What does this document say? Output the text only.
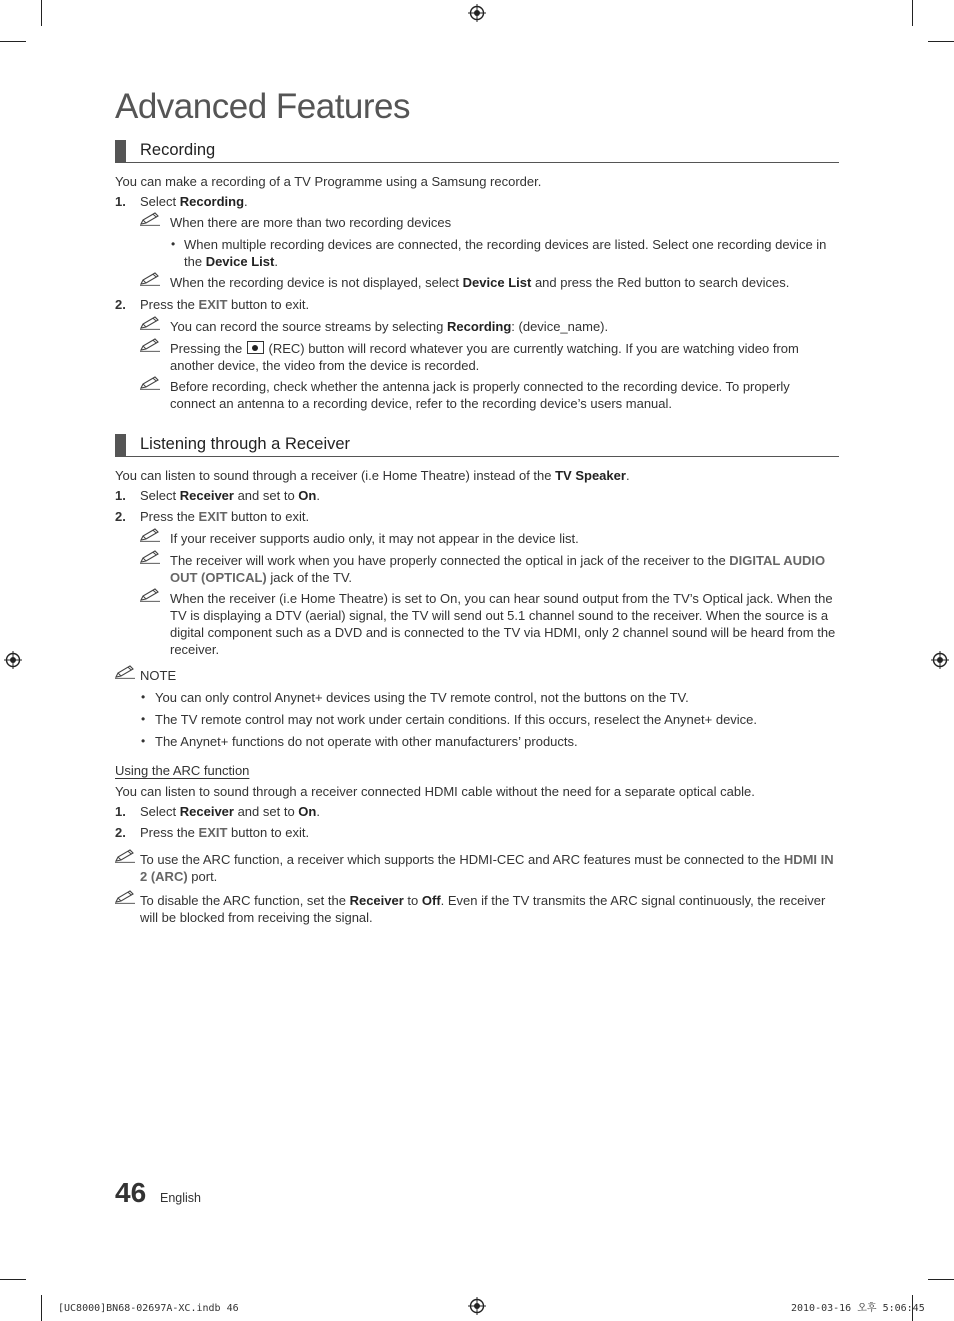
Advanced Features
Recording
You can make a recording of a TV Programme using a Samsung recorder.
1. Select Recording.
When there are more than two recording devices
• When multiple recording devices are connected, the recording devices are listed. Select one recording device in the Device List.
When the recording device is not displayed, select Device List and press the Red button to search devices.
2. Press the EXIT button to exit.
You can record the source streams by selecting Recording: (device_name).
Pressing the  (REC) button will record whatever you are currently watching. If you are watching video from another device, the video from the device is recorded.
Before recording, check whether the antenna jack is properly connected to the recording device. To properly connect an antenna to a recording device, refer to the recording device’s users manual.
Listening through a Receiver
You can listen to sound through a receiver (i.e Home Theatre) instead of the TV Speaker.
1. Select Receiver and set to On.
2. Press the EXIT button to exit.
If your receiver supports audio only, it may not appear in the device list.
The receiver will work when you have properly connected the optical in jack of the receiver to the DIGITAL AUDIO OUT (OPTICAL) jack of the TV.
When the receiver (i.e Home Theatre) is set to On, you can hear sound output from the TV’s Optical jack. When the TV is displaying a DTV (aerial) signal, the TV will send out 5.1 channel sound to the receiver. When the source is a digital component such as a DVD and is connected to the TV via HDMI, only 2 channel sound will be heard from the receiver.
NOTE
• You can only control Anynet+ devices using the TV remote control, not the buttons on the TV.
• The TV remote control may not work under certain conditions. If this occurs, reselect the Anynet+ device.
• The Anynet+ functions do not operate with other manufacturers’ products.
Using the ARC function
You can listen to sound through a receiver connected HDMI cable without the need for a separate optical cable.
1. Select Receiver and set to On.
2. Press the EXIT button to exit.
To use the ARC function, a receiver which supports the HDMI-CEC and ARC features must be connected to the HDMI IN 2 (ARC) port.
To disable the ARC function, set the Receiver to Off. Even if the TV transmits the ARC signal continuously, the receiver will be blocked from receiving the signal.
46 English
[UC8000]BN68-02697A-XC.indb 46	2010-03-16 오후 5:06:45
